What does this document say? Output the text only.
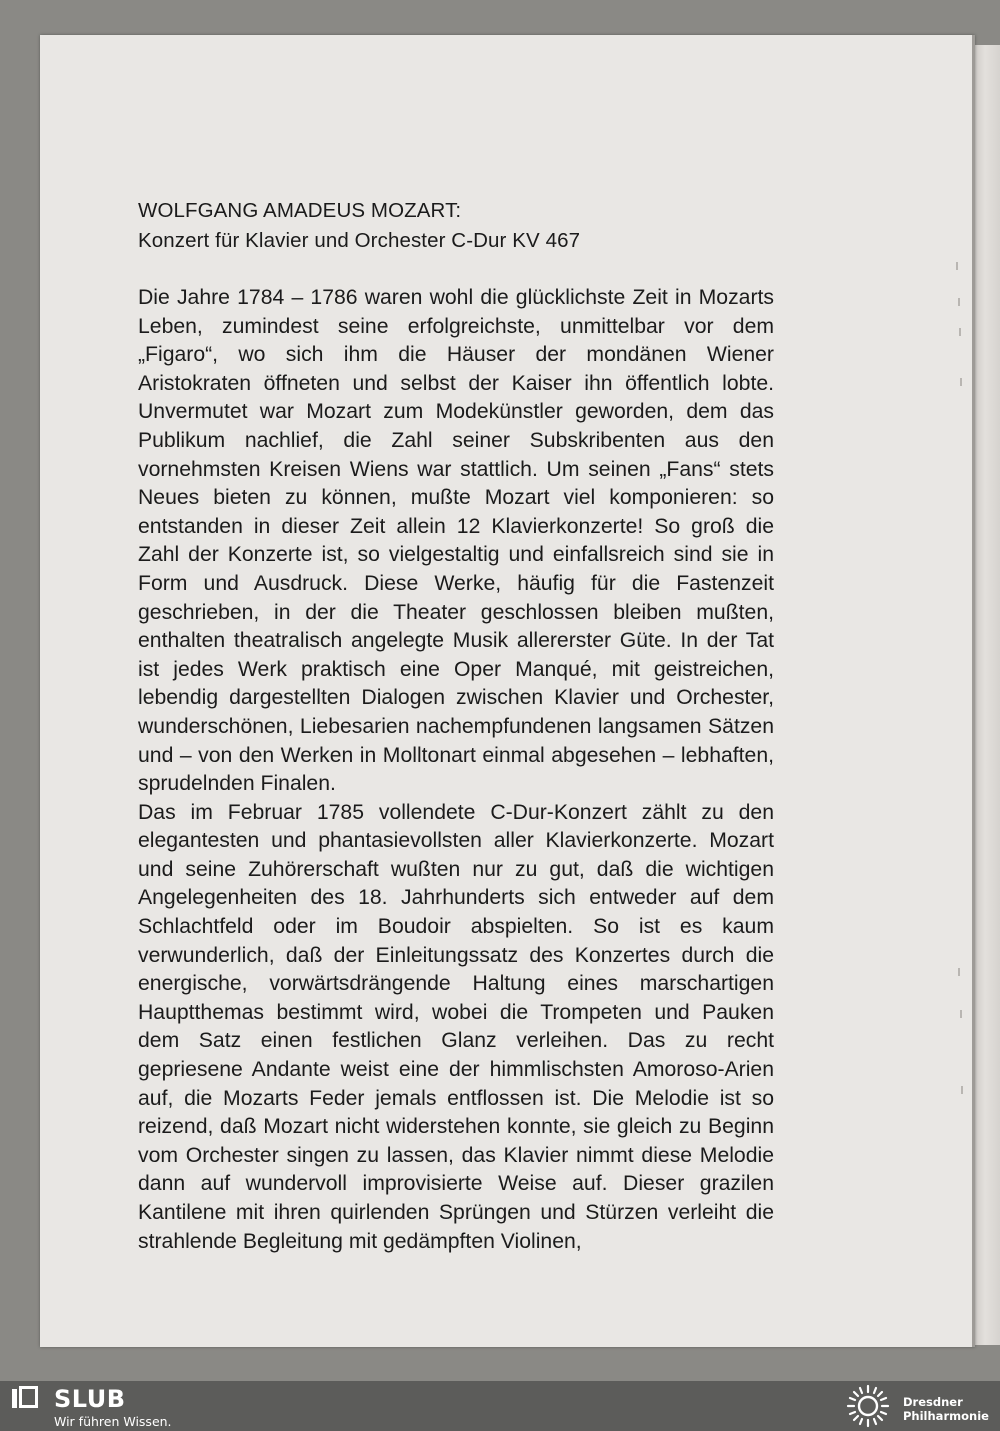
WOLFGANG AMADEUS MOZART:
Konzert für Klavier und Orchester C-Dur KV 467

Die Jahre 1784 – 1786 waren wohl die glücklichste Zeit in Mozarts Leben, zumindest seine erfolgreichste, unmittelbar vor dem „Figaro“, wo sich ihm die Häuser der mondänen Wiener Aristokraten öffneten und selbst der Kaiser ihn öffentlich lobte. Unvermutet war Mozart zum Modekünstler geworden, dem das Publikum nachlief, die Zahl seiner Subskribenten aus den vornehmsten Kreisen Wiens war stattlich. Um seinen „Fans“ stets Neues bieten zu können, mußte Mozart viel komponieren: so entstanden in dieser Zeit allein 12 Klavierkonzerte! So groß die Zahl der Konzerte ist, so vielgestaltig und einfallsreich sind sie in Form und Ausdruck. Diese Werke, häufig für die Fastenzeit geschrieben, in der die Theater geschlossen bleiben mußten, enthalten theatralisch angelegte Musik allererster Güte. In der Tat ist jedes Werk praktisch eine Oper Manqué, mit geistreichen, lebendig dargestellten Dialogen zwischen Klavier und Orchester, wunderschönen, Liebesarien nachempfundenen langsamen Sätzen und – von den Werken in Molltonart einmal abgesehen – lebhaften, sprudelnden Finalen.

Das im Februar 1785 vollendete C-Dur-Konzert zählt zu den elegantesten und phantasievollsten aller Klavierkonzerte. Mozart und seine Zuhörerschaft wußten nur zu gut, daß die wichtigen Angelegenheiten des 18. Jahrhunderts sich entweder auf dem Schlachtfeld oder im Boudoir abspielten. So ist es kaum verwunderlich, daß der Einleitungssatz des Konzertes durch die energische, vorwärtsdrängende Haltung eines marschartigen Hauptthemas bestimmt wird, wobei die Trompeten und Pauken dem Satz einen festlichen Glanz verleihen. Das zu recht gepriesene Andante weist eine der himmlischsten Amoroso-Arien auf, die Mozarts Feder jemals entflossen ist. Die Melodie ist so reizend, daß Mozart nicht widerstehen konnte, sie gleich zu Beginn vom Orchester singen zu lassen, das Klavier nimmt diese Melodie dann auf wundervoll improvisierte Weise auf. Dieser grazilen Kantilene mit ihren quirlenden Sprüngen und Stürzen verleiht die strahlende Begleitung mit gedämpften Violinen,

SLUB
Wir führen Wissen.
Dresdner
Philharmonie
